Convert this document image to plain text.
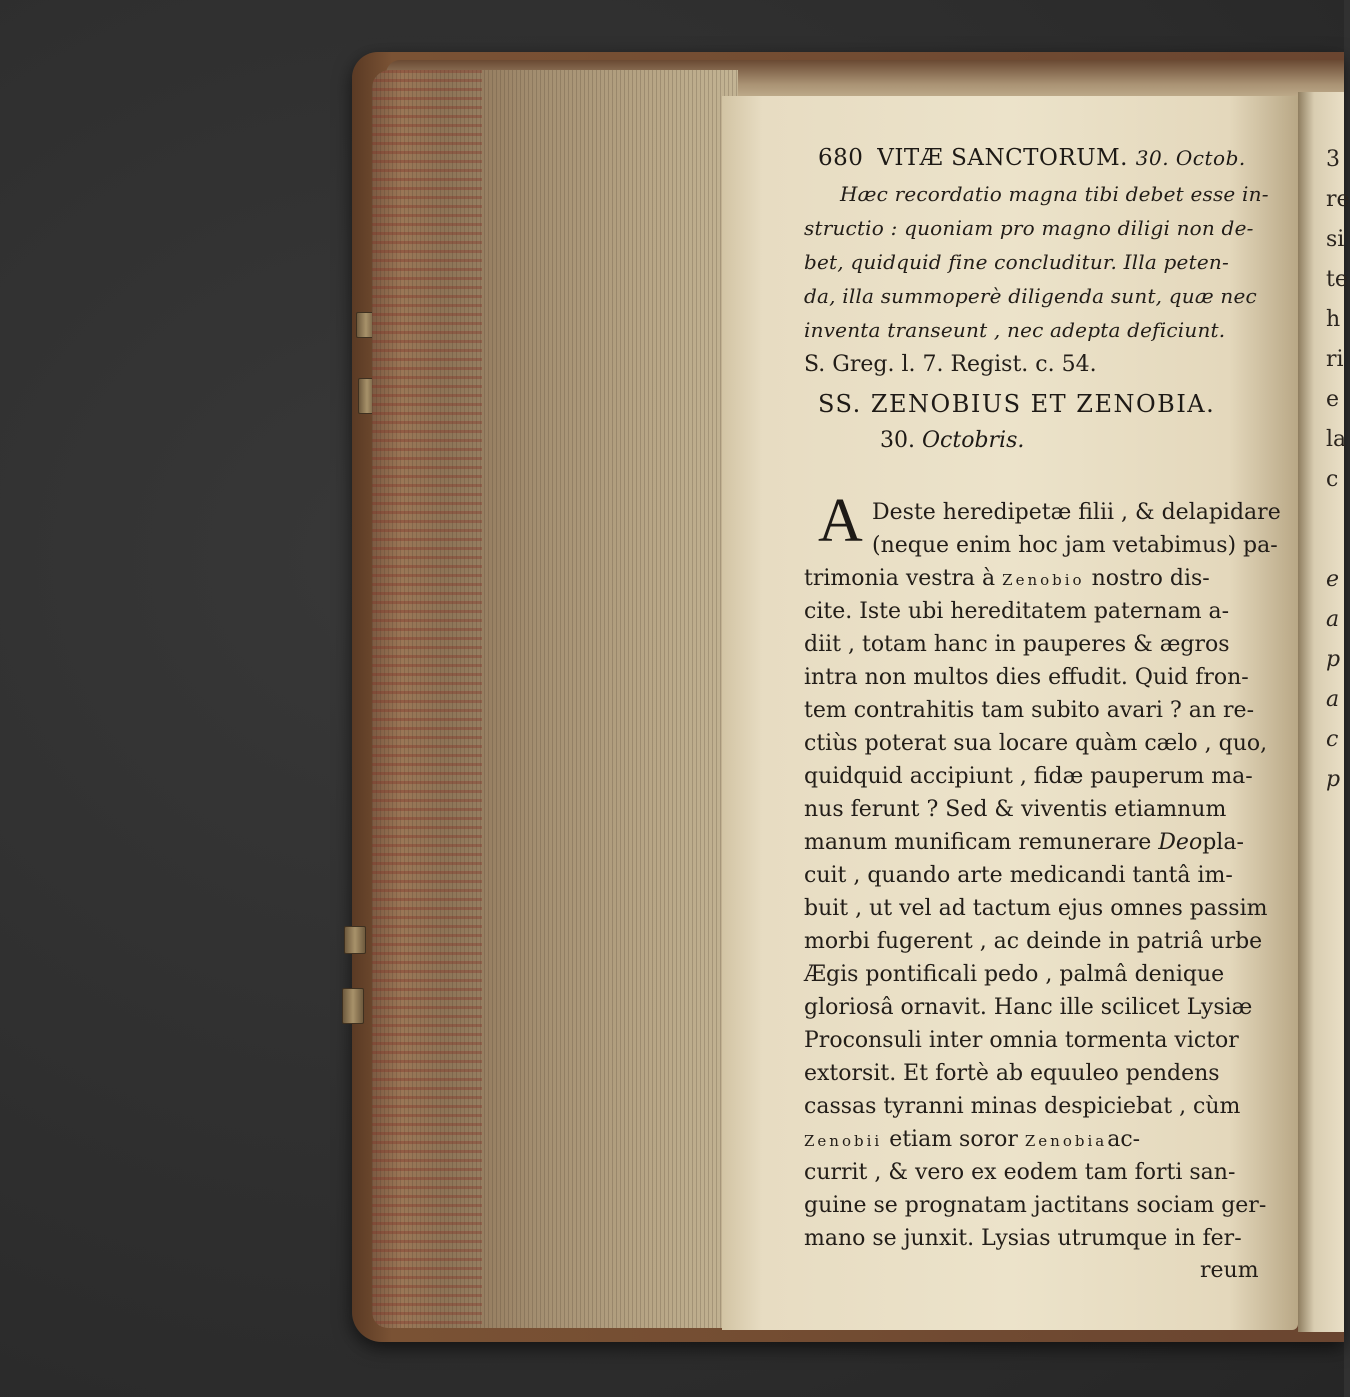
3
re
si
te
h
ri
e
la
c
e
a
p
a
c
p
680 VITÆ SANCTORUM. 30. Octob.
Hæc recordatio magna tibi debet esse in-
structio : quoniam pro magno diligi non de-
bet, quidquid fine concluditur. Illa peten-
da, illa summoperè diligenda sunt, quæ nec
inventa transeunt , nec adepta deficiunt.
S. Greg. l. 7. Regist. c. 54.
SS. ZENOBIUS ET ZENOBIA.
30. Octobris.
A Deste heredipetæ filii , & delapidare
(neque enim hoc jam vetabimus) pa-
trimonia vestra à Zenobio nostro dis-
cite. Iste ubi hereditatem paternam a-
diit , totam hanc in pauperes & ægros
intra non multos dies effudit. Quid fron-
tem contrahitis tam subito avari ? an re-
ctiùs poterat sua locare quàm cælo , quo,
quidquid accipiunt , fidæ pauperum ma-
nus ferunt ? Sed & viventis etiamnum
manum munificam remunerare Deopla-
cuit , quando arte medicandi tantâ im-
buit , ut vel ad tactum ejus omnes passim
morbi fugerent , ac deinde in patriâ urbe
Ægis pontificali pedo , palmâ denique
gloriosâ ornavit. Hanc ille scilicet Lysiæ
Proconsuli inter omnia tormenta victor
extorsit. Et fortè ab equuleo pendens
cassas tyranni minas despiciebat , cùm
Zenobii etiam soror Zenobiaac-
currit , & vero ex eodem tam forti san-
guine se prognatam jactitans sociam ger-
mano se junxit. Lysias utrumque in fer-
reum
